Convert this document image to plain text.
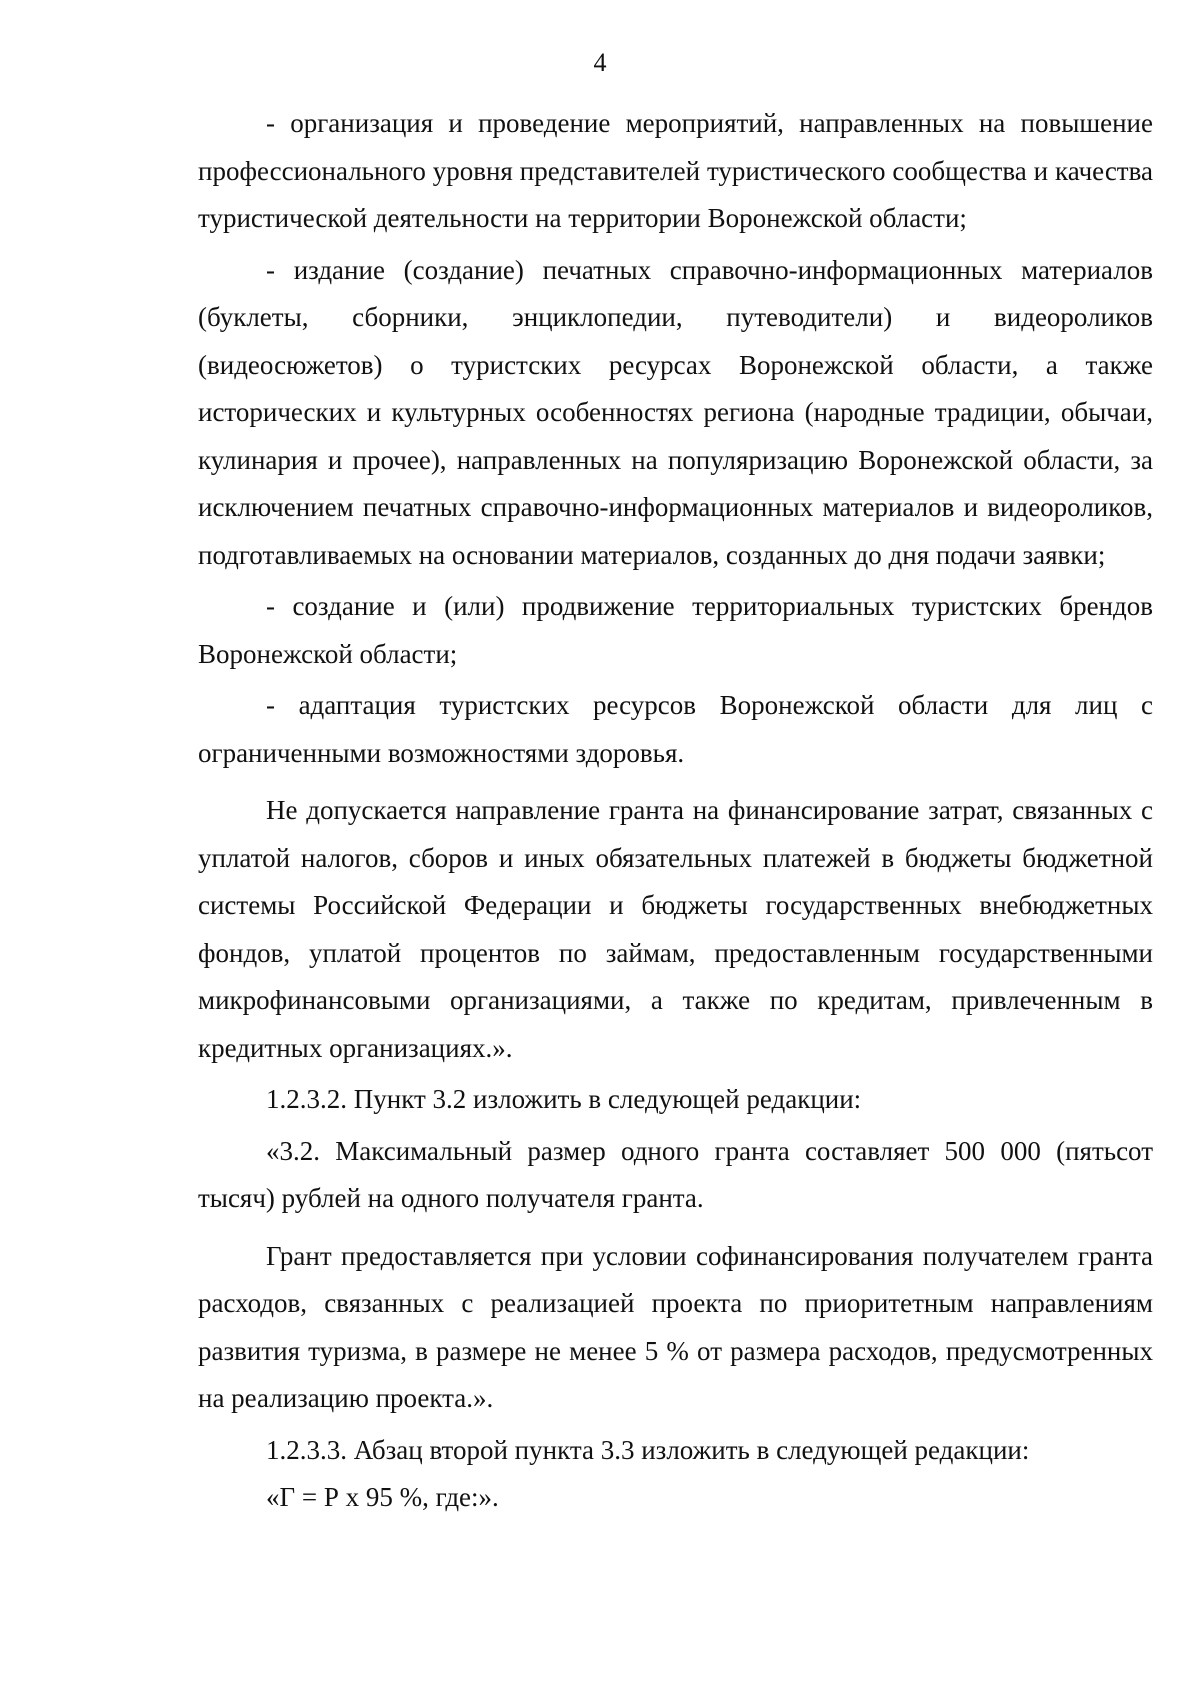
4

- организация и проведение мероприятий, направленных на повышение профессионального уровня представителей туристического сообщества и качества туристической деятельности на территории Воронежской области;

- издание (создание) печатных справочно-информационных материалов (буклеты, сборники, энциклопедии, путеводители) и видеороликов (видеосюжетов) о туристских ресурсах Воронежской области, а также исторических и культурных особенностях региона (народные традиции, обычаи, кулинария и прочее), направленных на популяризацию Воронежской области, за исключением печатных справочно-информационных материалов и видеороликов, подготавливаемых на основании материалов, созданных до дня подачи заявки;

- создание и (или) продвижение территориальных туристских брендов Воронежской области;

- адаптация туристских ресурсов Воронежской области для лиц с ограниченными возможностями здоровья.

Не допускается направление гранта на финансирование затрат, связанных с уплатой налогов, сборов и иных обязательных платежей в бюджеты бюджетной системы Российской Федерации и бюджеты государственных внебюджетных фондов, уплатой процентов по займам, предоставленным государственными микрофинансовыми организациями, а также по кредитам, привлеченным в кредитных организациях.».

1.2.3.2. Пункт 3.2 изложить в следующей редакции:

«3.2. Максимальный размер одного гранта составляет 500 000 (пятьсот тысяч) рублей на одного получателя гранта.

Грант предоставляется при условии софинансирования получателем гранта расходов, связанных с реализацией проекта по приоритетным направлениям развития туризма, в размере не менее 5 % от размера расходов, предусмотренных на реализацию проекта.».

1.2.3.3. Абзац второй пункта 3.3 изложить в следующей редакции:

«Г = Р х 95 %, где:».
